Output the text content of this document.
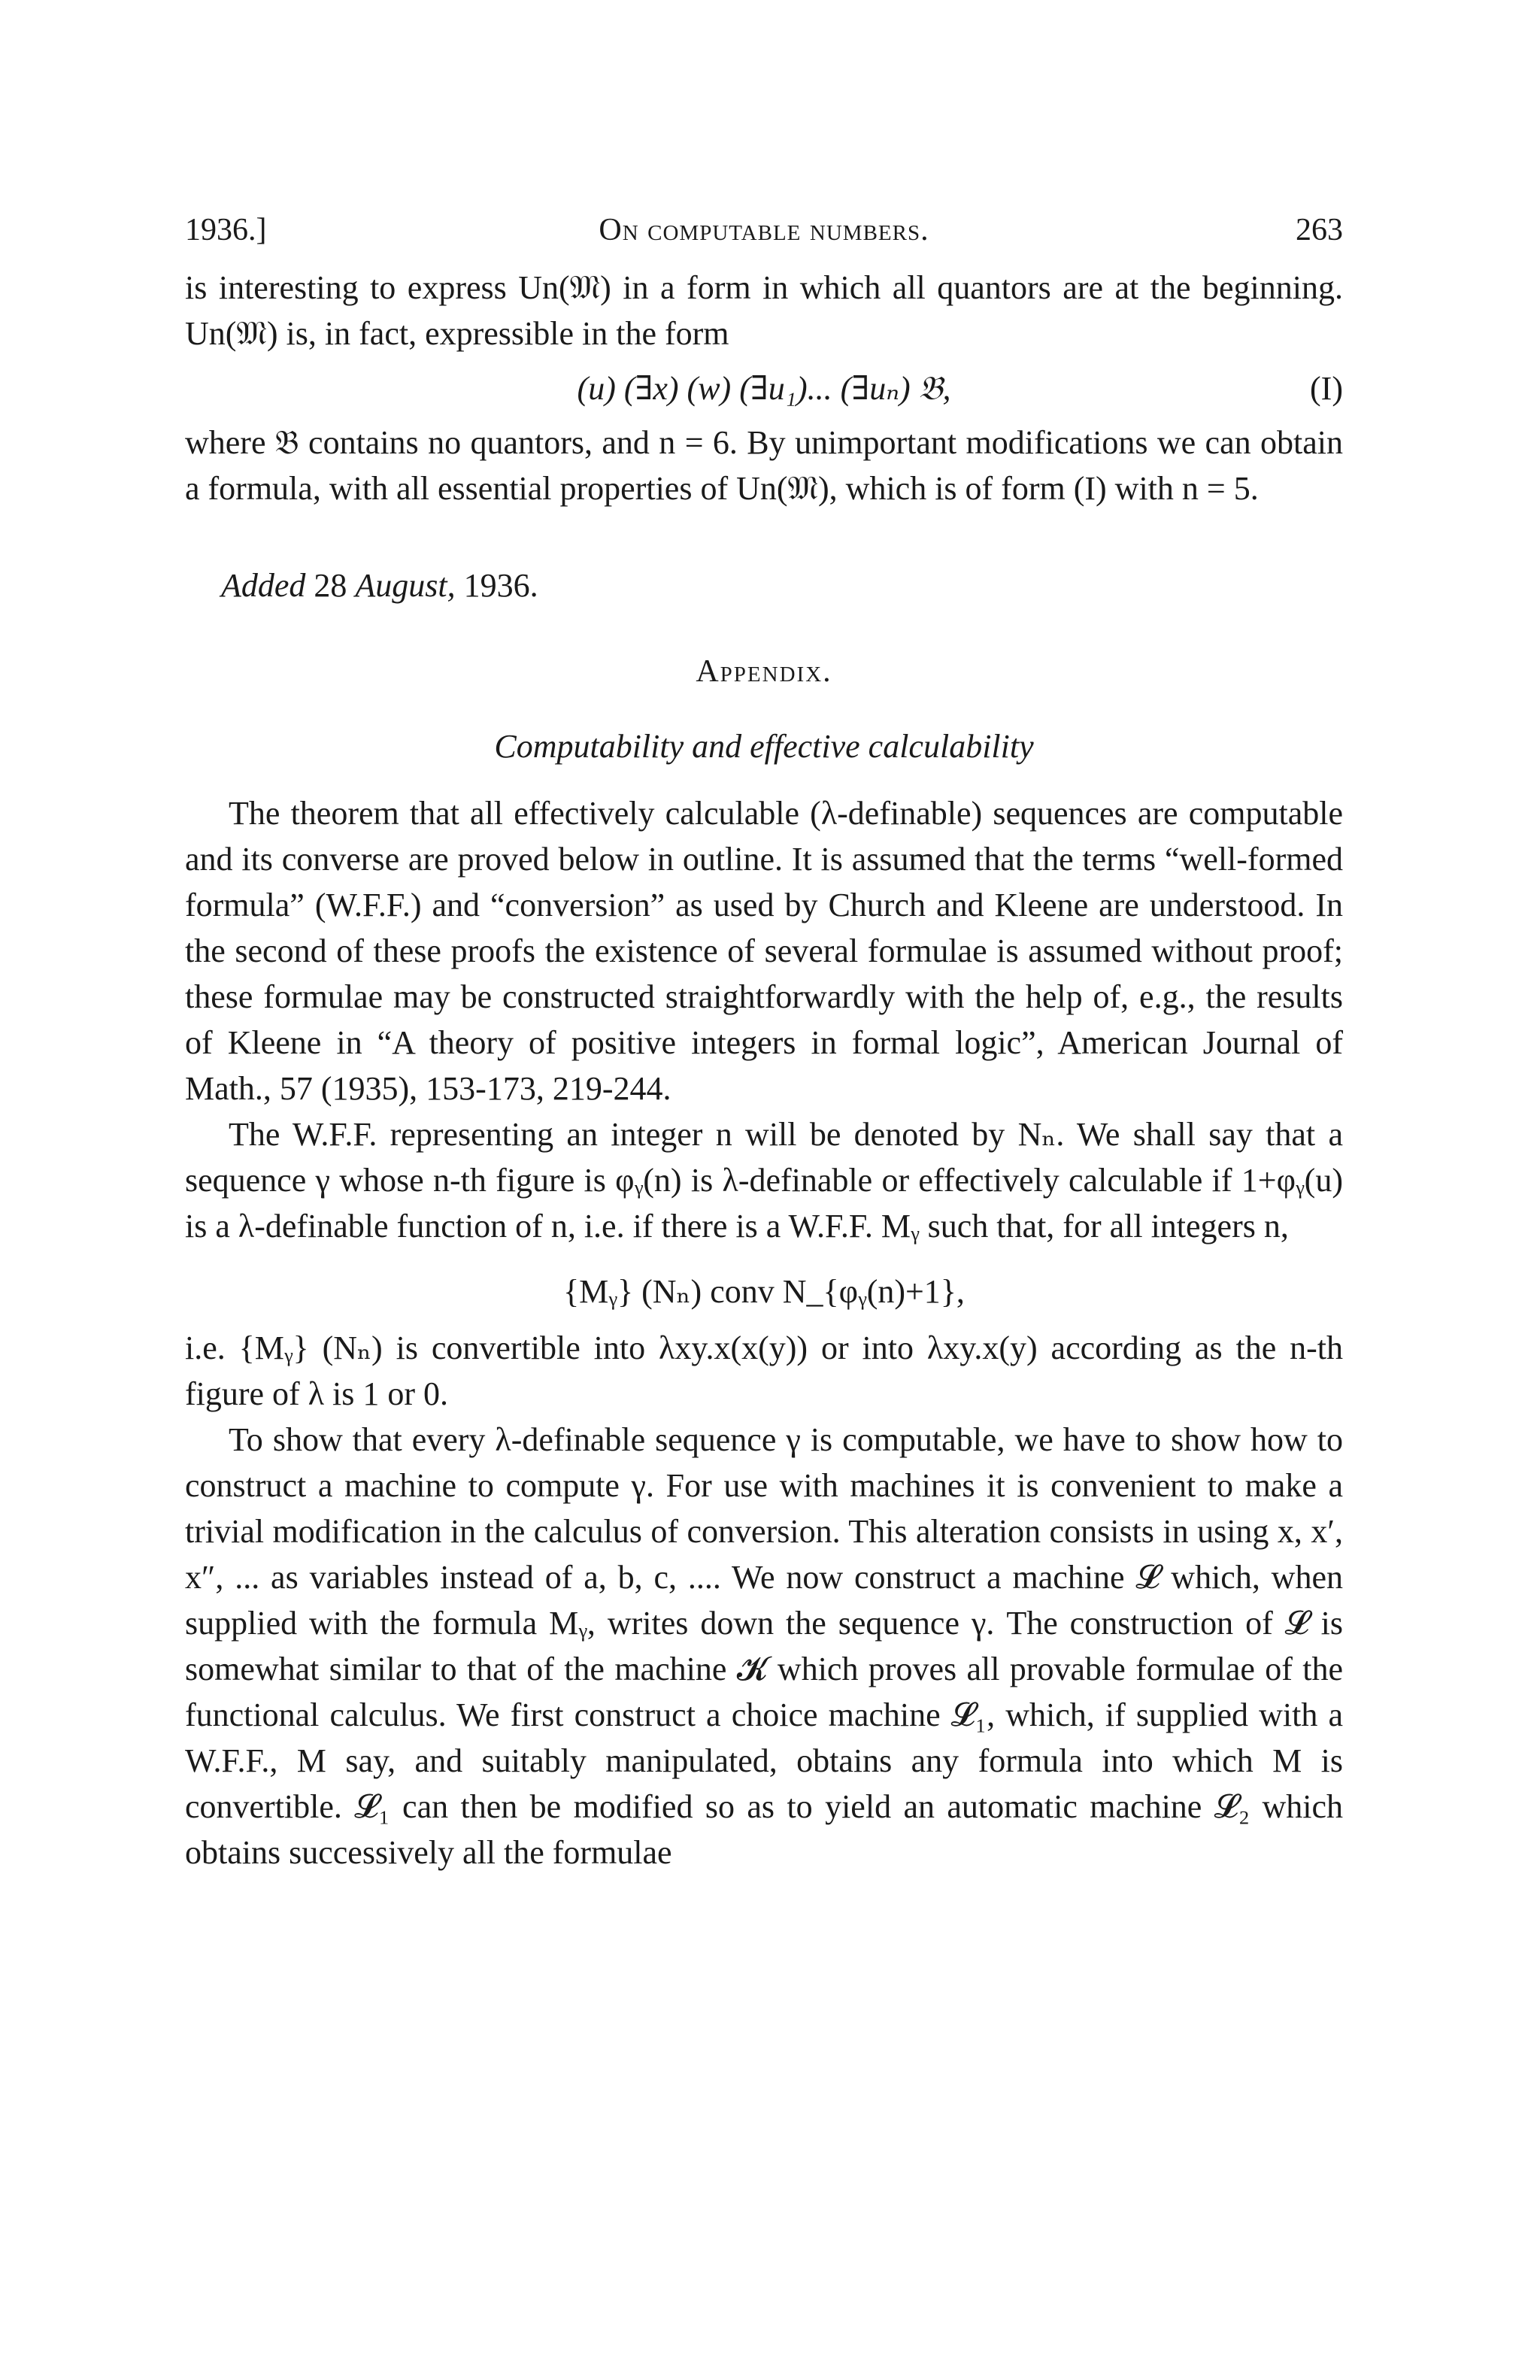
1936.]	On computable numbers.	263

is interesting to express Un(𝔐) in a form in which all quantors are at the beginning. Un(𝔐) is, in fact, expressible in the form

(u) (∃x) (w) (∃u₁)... (∃uₙ) 𝔅,	(I)

where 𝔅 contains no quantors, and n = 6. By unimportant modifications we can obtain a formula, with all essential properties of Un(𝔐), which is of form (I) with n = 5.

Added 28 August, 1936.
Appendix.
Computability and effective calculability

The theorem that all effectively calculable (λ-definable) sequences are computable and its converse are proved below in outline. It is assumed that the terms “well-formed formula” (W.F.F.) and “conversion” as used by Church and Kleene are understood. In the second of these proofs the existence of several formulae is assumed without proof; these formulae may be constructed straightforwardly with the help of, e.g., the results of Kleene in “A theory of positive integers in formal logic”, American Journal of Math., 57 (1935), 153-173, 219-244.

The W.F.F. representing an integer n will be denoted by Nₙ. We shall say that a sequence γ whose n-th figure is φᵧ(n) is λ-definable or effectively calculable if 1+φᵧ(u) is a λ-definable function of n, i.e. if there is a W.F.F. Mᵧ such that, for all integers n,

{Mᵧ} (Nₙ) conv N_{φᵧ(n)+1},

i.e. {Mᵧ} (Nₙ) is convertible into λxy.x(x(y)) or into λxy.x(y) according as the n-th figure of λ is 1 or 0.

To show that every λ-definable sequence γ is computable, we have to show how to construct a machine to compute γ. For use with machines it is convenient to make a trivial modification in the calculus of conversion. This alteration consists in using x, x′, x″, ... as variables instead of a, b, c, .... We now construct a machine 𝓛 which, when supplied with the formula Mᵧ, writes down the sequence γ. The construction of 𝓛 is somewhat similar to that of the machine 𝓚 which proves all provable formulae of the functional calculus. We first construct a choice machine 𝓛₁, which, if supplied with a W.F.F., M say, and suitably manipulated, obtains any formula into which M is convertible. 𝓛₁ can then be modified so as to yield an automatic machine 𝓛₂ which obtains successively all the formulae
